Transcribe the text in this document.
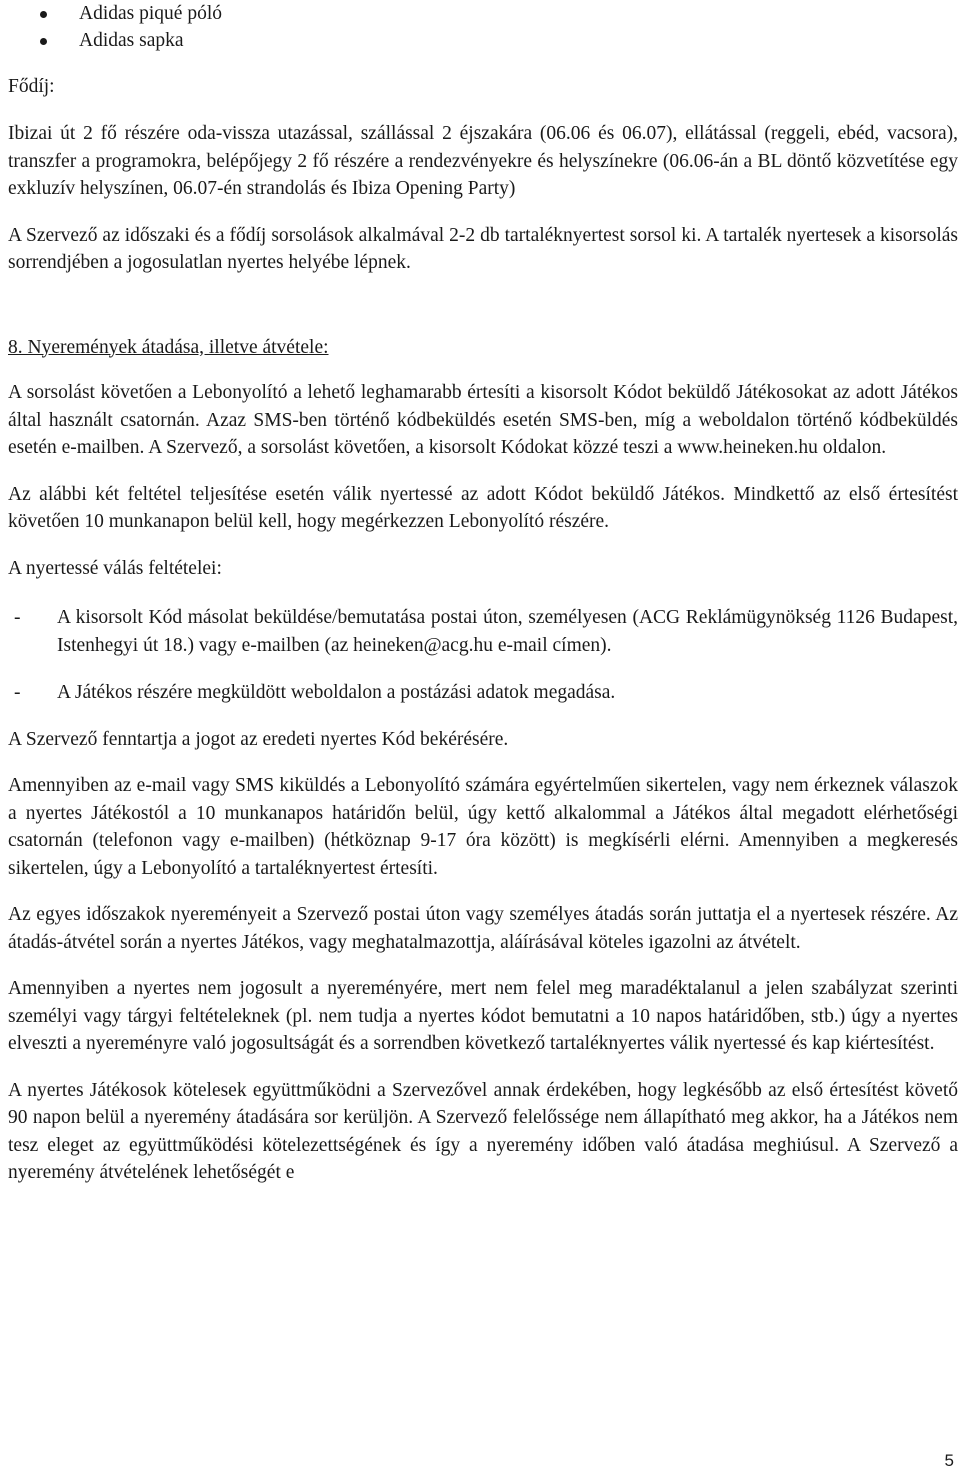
Adidas piqué póló
Adidas sapka
Fődíj:

Ibizai út 2 fő részére oda-vissza utazással, szállással 2 éjszakára (06.06 és 06.07), ellátással (reggeli, ebéd, vacsora), transzfer a programokra, belépőjegy 2 fő részére a rendezvényekre és helyszínekre (06.06-án a BL döntő közvetítése egy exkluzív helyszínen, 06.07-én strandolás és Ibiza Opening Party)

A Szervező az időszaki és a fődíj sorsolások alkalmával 2-2 db tartaléknyertest sorsol ki. A tartalék nyertesek a kisorsolás sorrendjében a jogosulatlan nyertes helyébe lépnek.

8. Nyeremények átadása, illetve átvétele:

A sorsolást követően a Lebonyolító a lehető leghamarabb értesíti a kisorsolt Kódot beküldő Játékosokat az adott Játékos által használt csatornán. Azaz SMS-ben történő kódbeküldés esetén SMS-ben, míg a weboldalon történő kódbeküldés esetén e-mailben. A Szervező, a sorsolást követően, a kisorsolt Kódokat közzé teszi a www.heineken.hu oldalon.

Az alábbi két feltétel teljesítése esetén válik nyertessé az adott Kódot beküldő Játékos. Mindkettő az első értesítést követően 10 munkanapon belül kell, hogy megérkezzen Lebonyolító részére.

A nyertessé válás feltételei:

- A kisorsolt Kód másolat beküldése/bemutatása postai úton, személyesen (ACG Reklámügynökség 1126 Budapest, Istenhegyi út 18.) vagy e-mailben (az heineken@acg.hu e-mail címen).
- A Játékos részére megküldött weboldalon a postázási adatok megadása.

A Szervező fenntartja a jogot az eredeti nyertes Kód bekérésére.

Amennyiben az e-mail vagy SMS kiküldés a Lebonyolító számára egyértelműen sikertelen, vagy nem érkeznek válaszok a nyertes Játékostól a 10 munkanapos határidőn belül, úgy kettő alkalommal a Játékos által megadott elérhetőségi csatornán (telefonon vagy e-mailben) (hétköznap 9-17 óra között) is megkísérli elérni. Amennyiben a megkeresés sikertelen, úgy a Lebonyolító a tartaléknyertest értesíti.

Az egyes időszakok nyereményeit a Szervező postai úton vagy személyes átadás során juttatja el a nyertesek részére. Az átadás-átvétel során a nyertes Játékos, vagy meghatalmazottja, aláírásával köteles igazolni az átvételt.

Amennyiben a nyertes nem jogosult a nyereményére, mert nem felel meg maradéktalanul a jelen szabályzat szerinti személyi vagy tárgyi feltételeknek (pl. nem tudja a nyertes kódot bemutatni a 10 napos határidőben, stb.) úgy a nyertes elveszti a nyereményre való jogosultságát és a sorrendben következő tartaléknyertes válik nyertessé és kap kiértesítést.

A nyertes Játékosok kötelesek együttműködni a Szervezővel annak érdekében, hogy legkésőbb az első értesítést követő 90 napon belül a nyeremény átadására sor kerüljön. A Szervező felelőssége nem állapítható meg akkor, ha a Játékos nem tesz eleget az együttműködési kötelezettségének és így a nyeremény időben való átadása meghiúsul. A Szervező a nyeremény átvételének lehetőségét e

5
